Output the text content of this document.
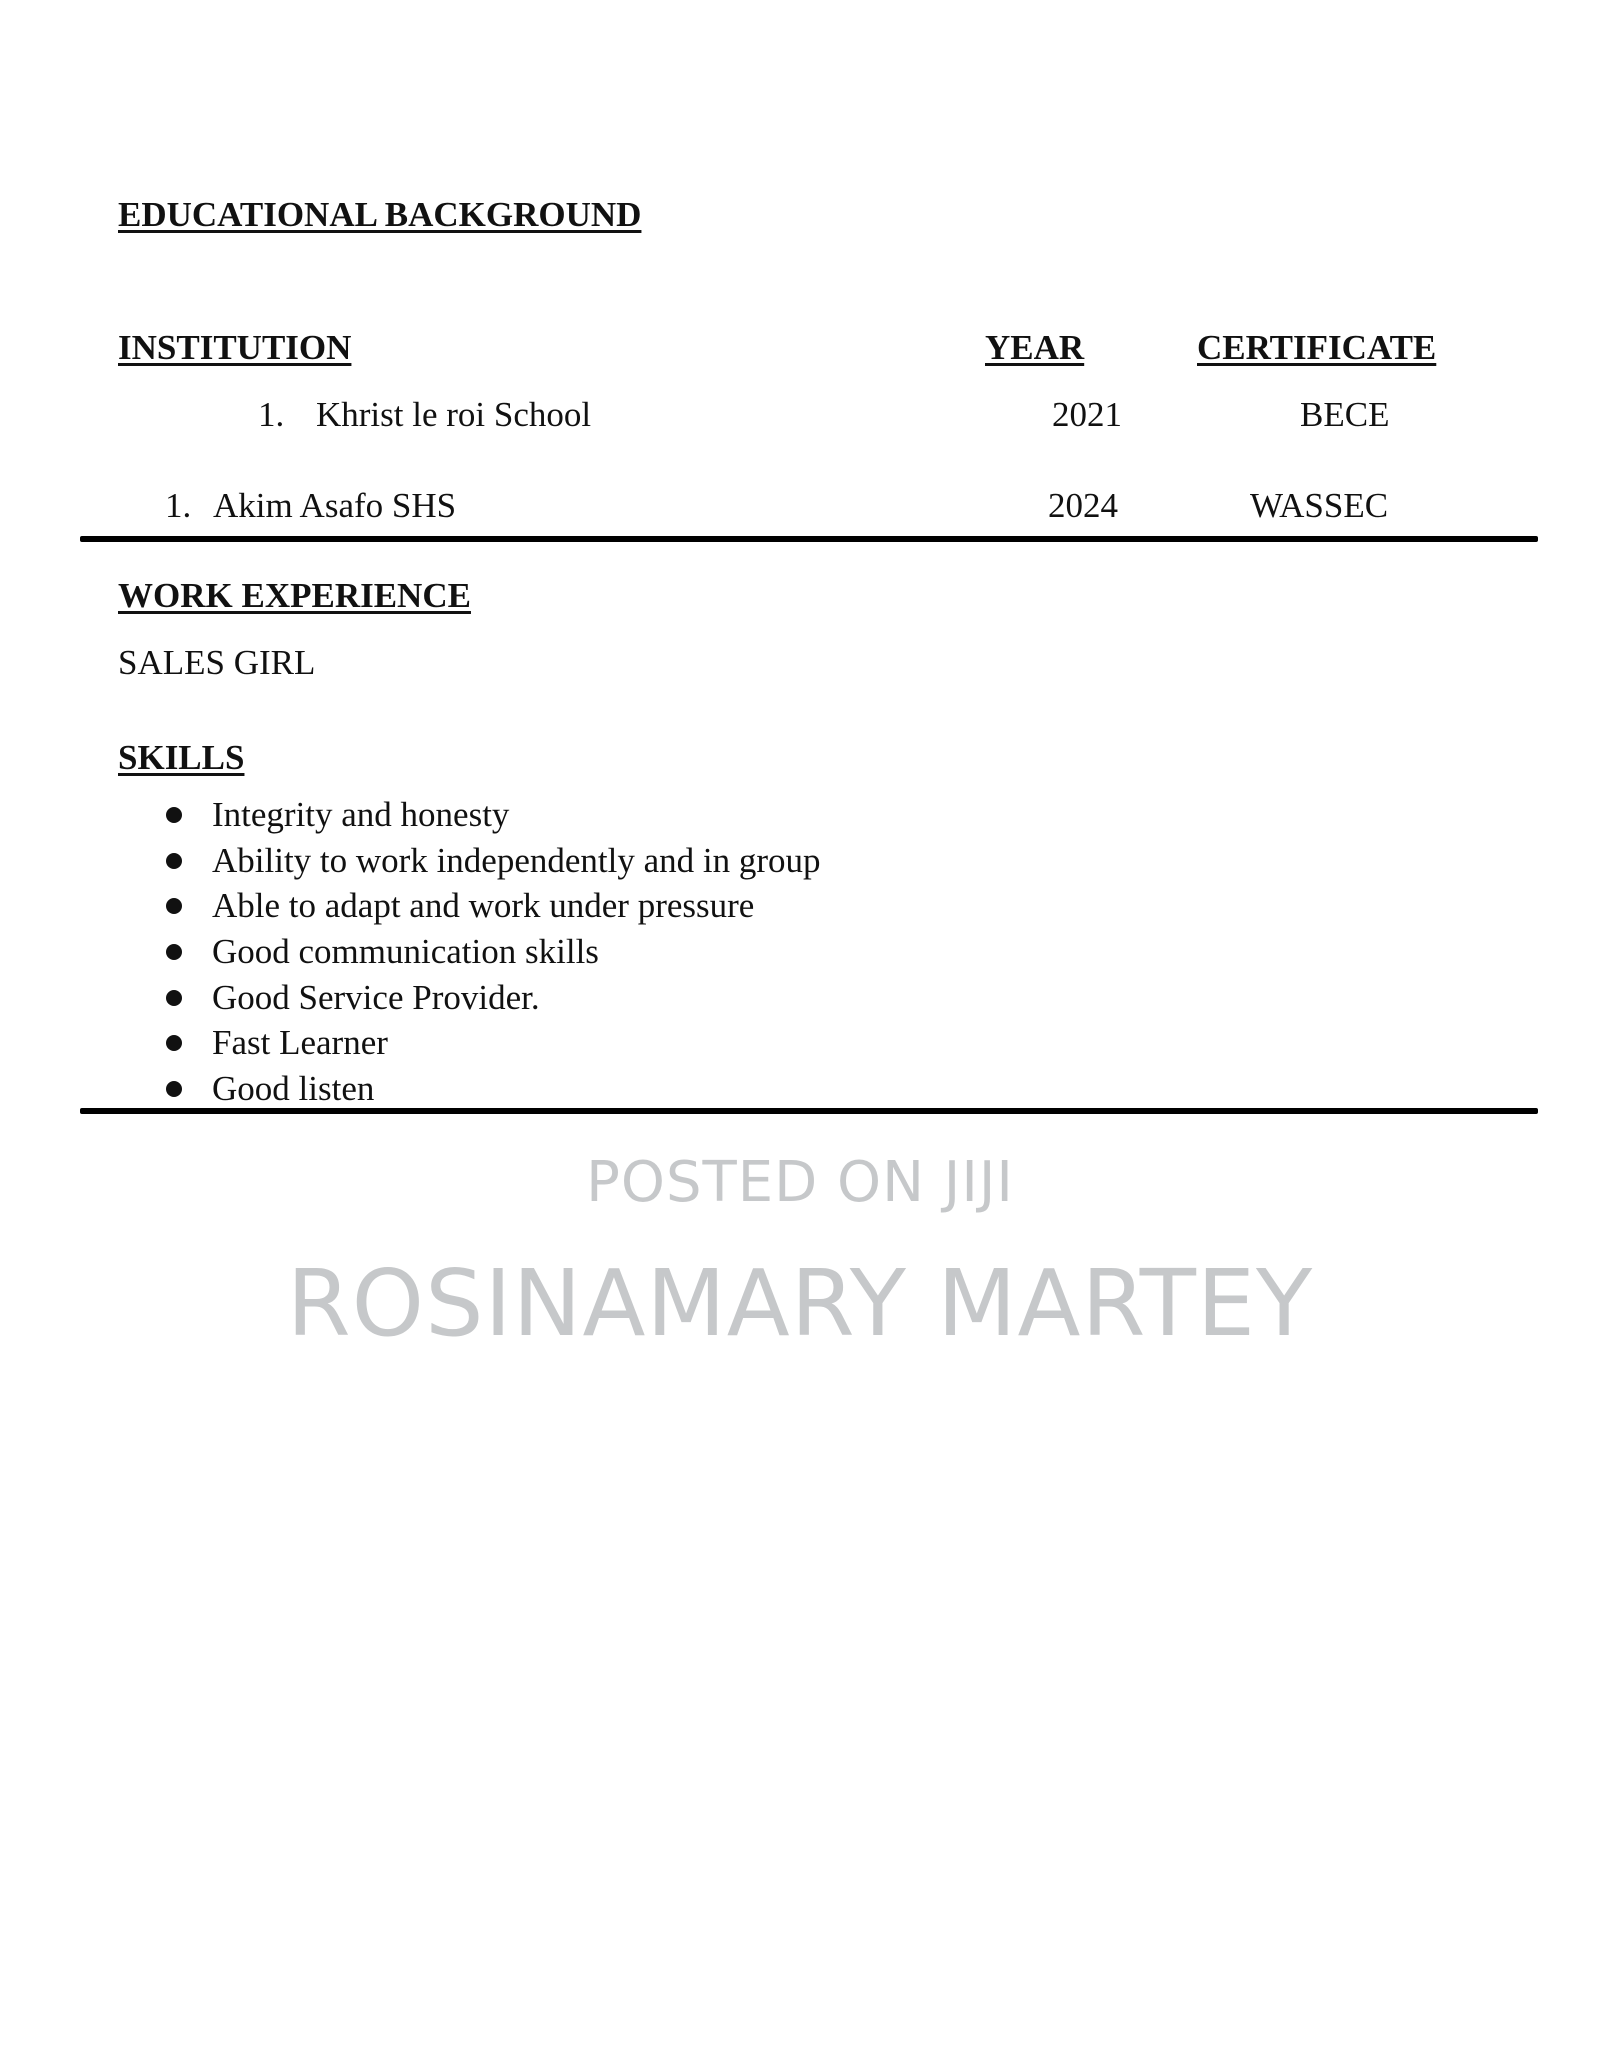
EDUCATIONAL BACKGROUND
INSTITUTION	YEAR	CERTIFICATE
1. Khrist le roi School	2021	BECE
1. Akim Asafo SHS	2024	WASSEC
WORK EXPERIENCE
SALES GIRL
SKILLS
Integrity and honesty
Ability to work independently and in group
Able to adapt and work under pressure
Good communication skills
Good Service Provider.
Fast Learner
Good listen
POSTED ON JIJI
ROSINAMARY MARTEY
